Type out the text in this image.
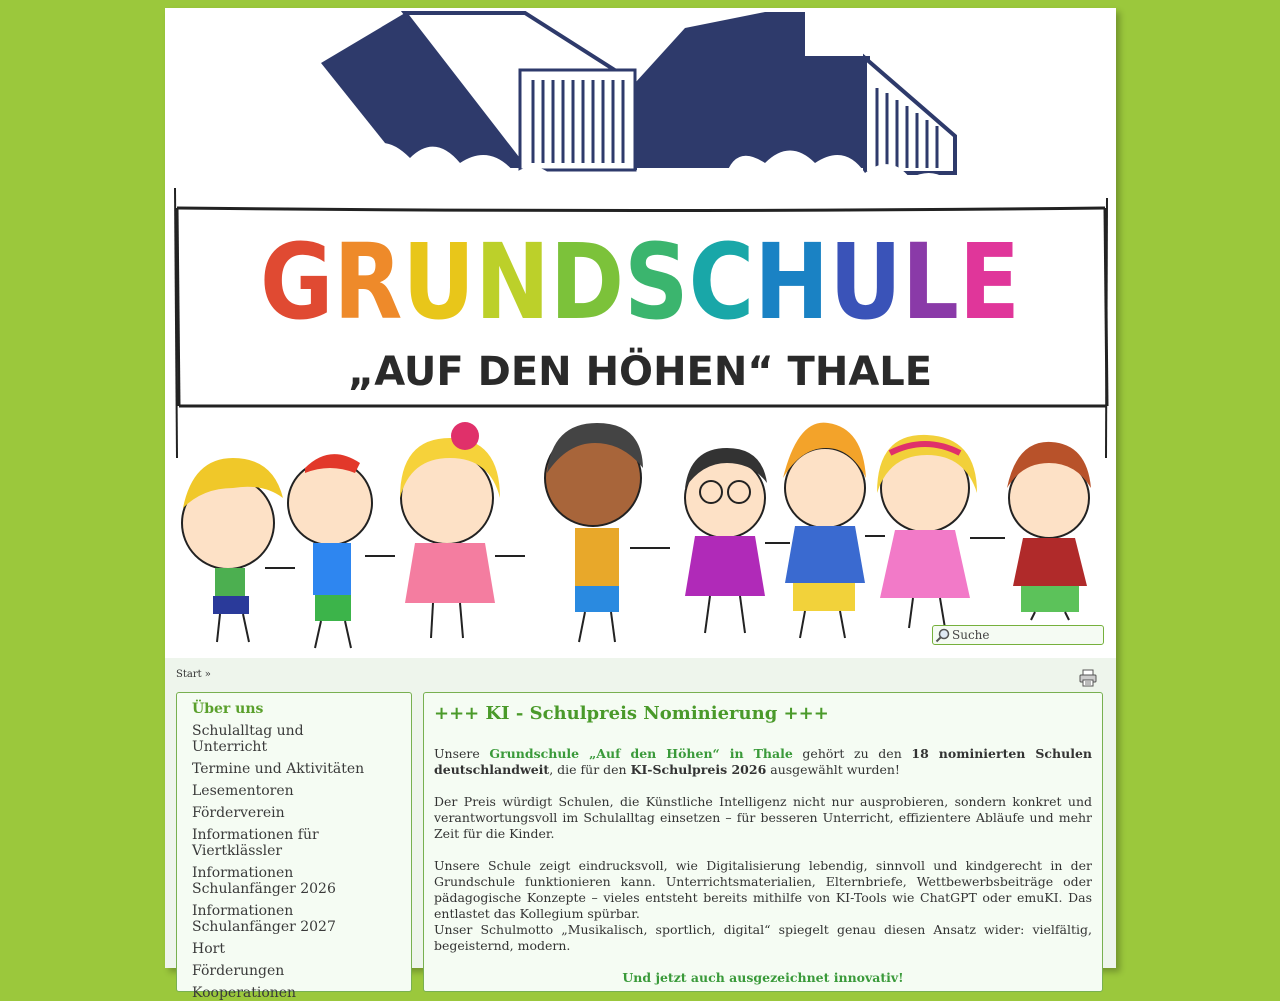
GRUNDSCHULE
„AUF DEN HÖHEN“ THALE
Suche
Start »
Über uns
Schulalltag und Unterricht
Termine und Aktivitäten
Lesementoren
Förderverein
Informationen für Viertklässler
Informationen Schulanfänger 2026
Informationen Schulanfänger 2027
Hort
Förderungen
Kooperationen
+++ KI - Schulpreis Nominierung +++

Unsere Grundschule „Auf den Höhen“ in Thale gehört zu den 18 nominierten Schulen deutschlandweit, die für den KI-Schulpreis 2026 ausgewählt wurden!

Der Preis würdigt Schulen, die Künstliche Intelligenz nicht nur ausprobieren, sondern konkret und verantwortungsvoll im Schulalltag einsetzen – für besseren Unterricht, effizientere Abläufe und mehr Zeit für die Kinder.

Unsere Schule zeigt eindrucksvoll, wie Digitalisierung lebendig, sinnvoll und kindgerecht in der Grundschule funktionieren kann. Unterrichtsmaterialien, Elternbriefe, Wettbewerbsbeiträge oder pädagogische Konzepte – vieles entsteht bereits mithilfe von KI-Tools wie ChatGPT oder emuKI. Das entlastet das Kollegium spürbar.

Unser Schulmotto „Musikalisch, sportlich, digital“ spiegelt genau diesen Ansatz wider: vielfältig, begeisternd, modern.

Und jetzt auch ausgezeichnet innovativ!
